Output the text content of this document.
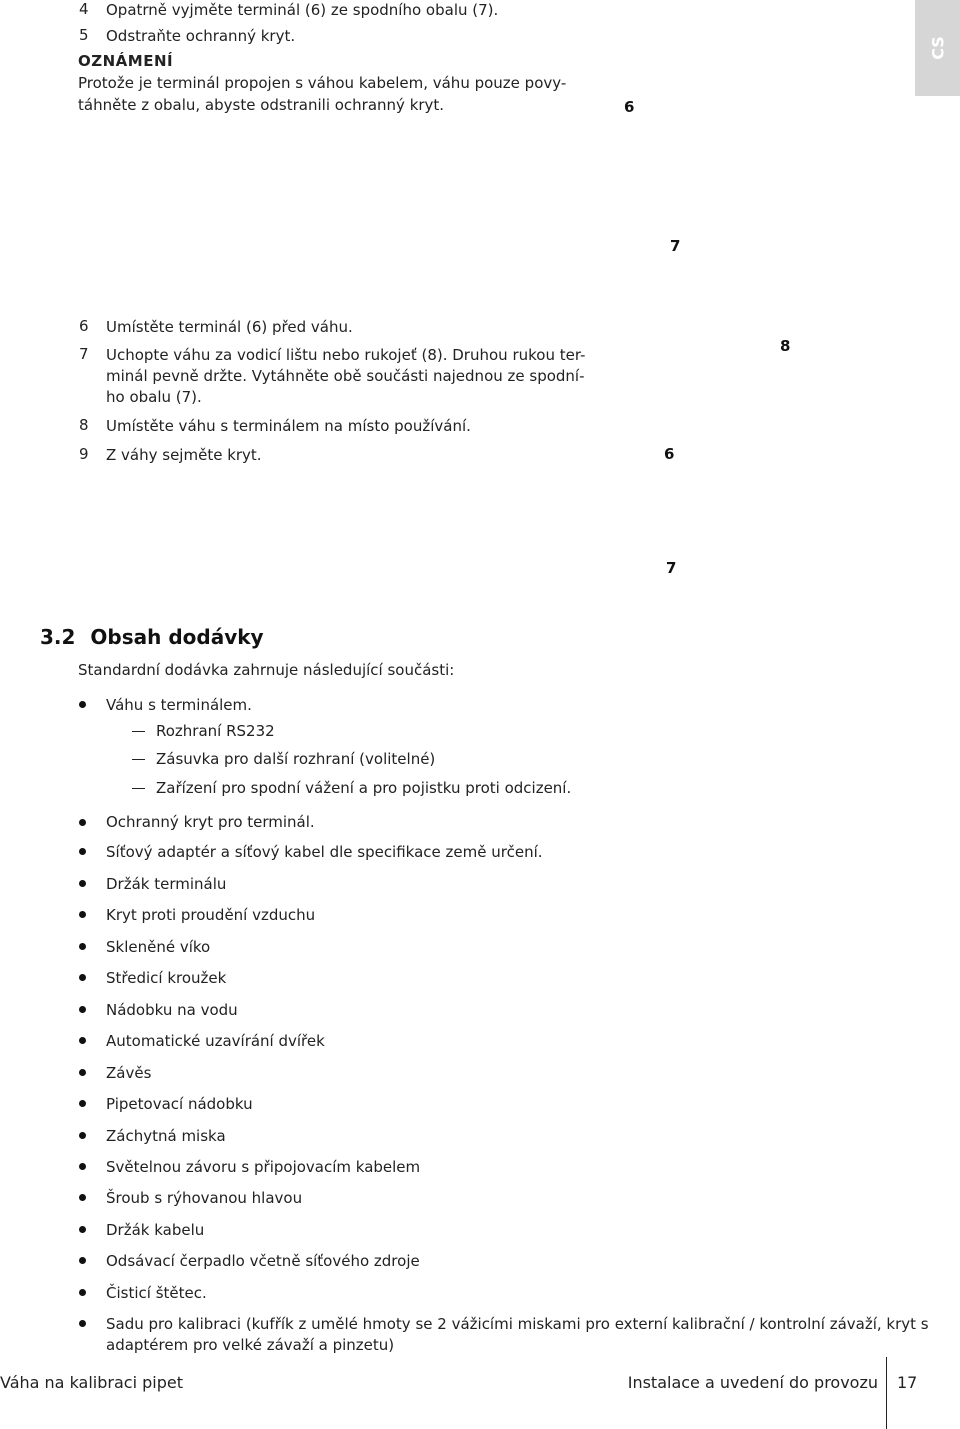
CS
4	Opatrně vyjměte terminál (6) ze spodního obalu (7).
5	Odstraňte ochranný kryt.
OZNÁMENÍ
Protože je terminál propojen s váhou kabelem, váhu pouze povy-
táhněte z obalu, abyste odstranili ochranný kryt.	6
7
6	Umístěte terminál (6) před váhu.
7	Uchopte váhu za vodicí lištu nebo rukojeť (8). Druhou rukou ter-
minál pevně držte. Vytáhněte obě součásti najednou ze spodní-
ho obalu (7).
8	Umístěte váhu s terminálem na místo používání.
9	Z váhy sejměte kryt.
8
6
7
3.2 Obsah dodávky
Standardní dodávka zahrnuje následující součásti:
Váhu s terminálem.
Rozhraní RS232
Zásuvka pro další rozhraní (volitelné)
Zařízení pro spodní vážení a pro pojistku proti odcizení.
Ochranný kryt pro terminál.
Síťový adaptér a síťový kabel dle specifikace země určení.
Držák terminálu
Kryt proti proudění vzduchu
Skleněné víko
Středicí kroužek
Nádobku na vodu
Automatické uzavírání dvířek
Závěs
Pipetovací nádobku
Záchytná miska
Světelnou závoru s připojovacím kabelem
Šroub s rýhovanou hlavou
Držák kabelu
Odsávací čerpadlo včetně síťového zdroje
Čisticí štětec.
Sadu pro kalibraci (kufřík z umělé hmoty se 2 vážicími miskami pro externí kalibrační / kontrolní závaží, kryt s
adaptérem pro velké závaží a pinzetu)
Váha na kalibraci pipet	Instalace a uvedení do provozu 17
